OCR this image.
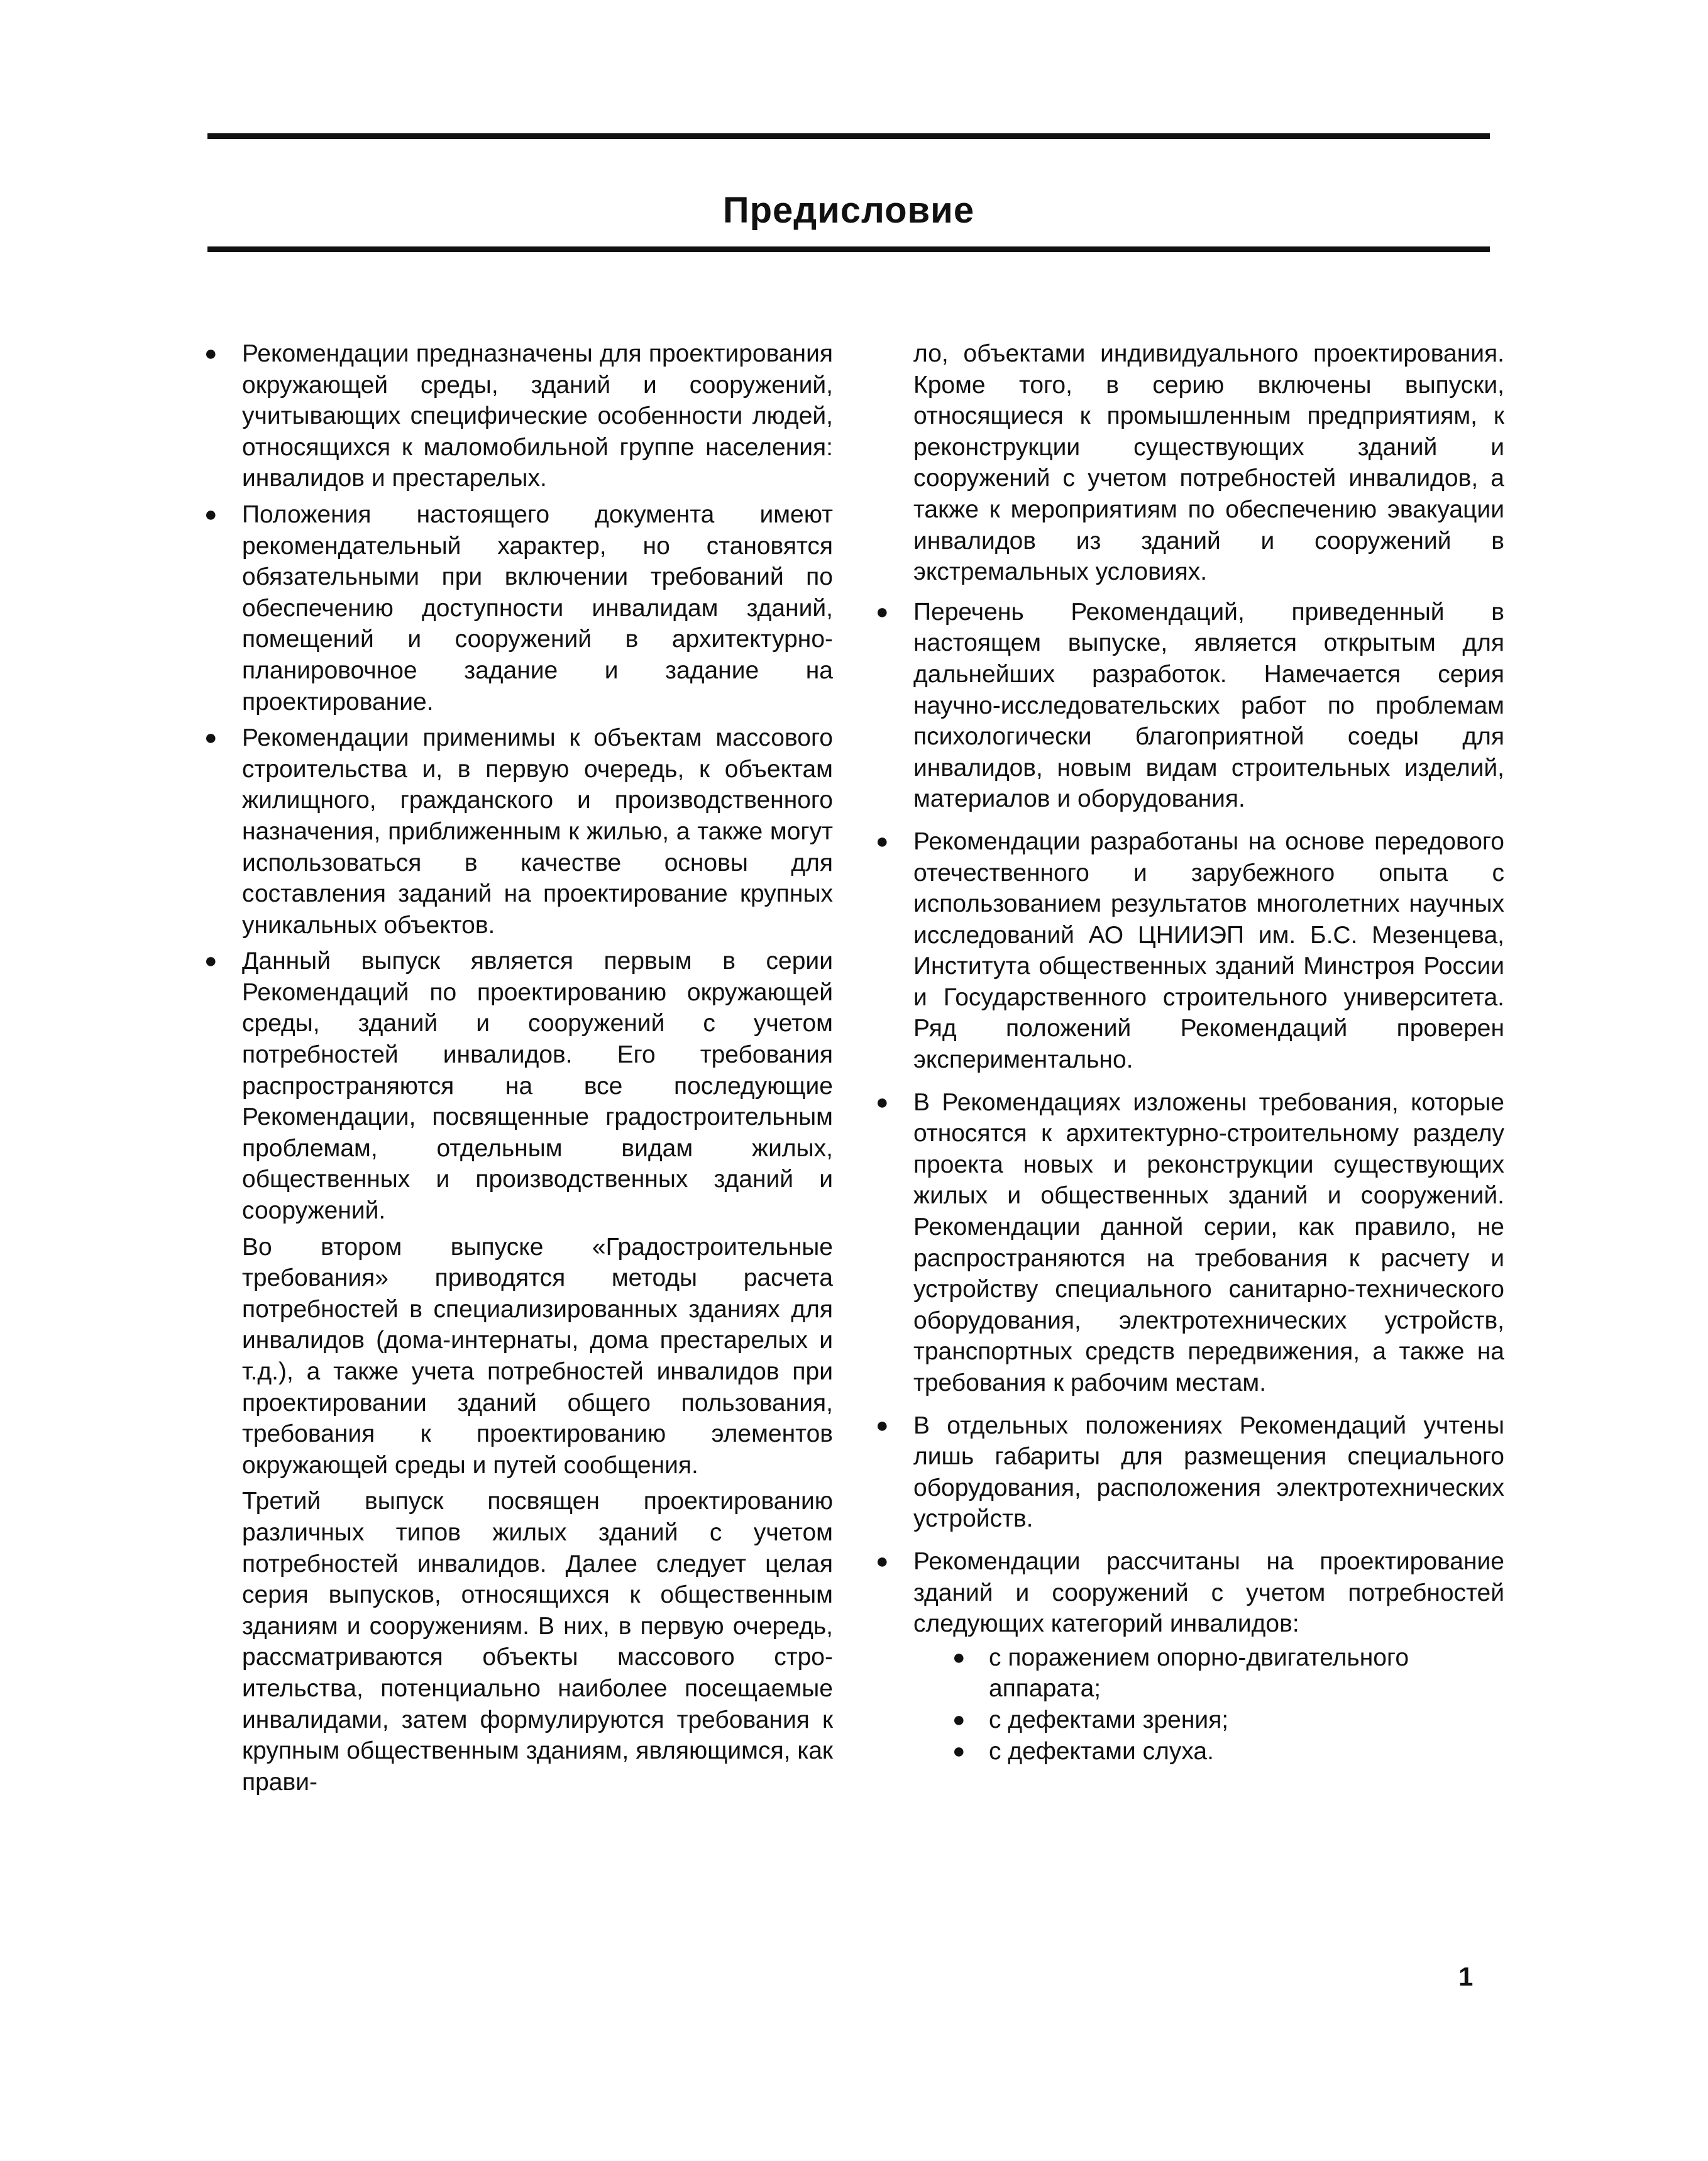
Предисловие
● Рекомендации предназначены для проектирования окружающей среды, зданий и сооружений, учитывающих специфические особенности людей, относящихся к маломобильной группе населения: инвалидов и престарелых.
● Положения настоящего документа имеют рекомендательный характер, но становятся обязательными при включении требований по обеспечению доступности инвалидам зданий, помещений и сооружений в архитектурно-планировочное задание и задание на проектирование.
● Рекомендации применимы к объектам массового строительства и, в первую очередь, к объектам жилищного, гражданского и производственного назначения, приближенным к жилью, а также могут использоваться в качестве основы для составления заданий на проектирование крупных уникальных объектов.
● Данный выпуск является первым в серии Рекомендаций по проектированию окружающей среды, зданий и сооружений с учетом потребностей инвалидов. Его требования распространяются на все последующие Рекомендации, посвященные градостроительным проблемам, отдельным видам жилых, общественных и производственных зданий и сооружений.

Во втором выпуске «Градостроительные требования» приводятся методы расчета потребностей в специализированных зданиях для инвалидов (дома-интернаты, дома престарелых и т.д.), а также учета потребностей инвалидов при проектировании зданий общего пользования, требования к проектированию элементов окружающей среды и путей сообщения.

Третий выпуск посвящен проектированию различных типов жилых зданий с учетом потребностей инвалидов. Далее следует целая серия выпусков, относящихся к общественным зданиям и сооружениям. В них, в первую очередь, рассматриваются объекты массового строительства, потенциально наиболее посещаемые инвалидами, затем формулируются требования к крупным общественным зданиям, являющимся, как прави-

ло, объектами индивидуального проектирования. Кроме того, в серию включены выпуски, относящиеся к промышленным предприятиям, к реконструкции существующих зданий и сооружений с учетом потребностей инвалидов, а также к мероприятиям по обеспечению эвакуации инвалидов из зданий и сооружений в экстремальных условиях.

● Перечень Рекомендаций, приведенный в настоящем выпуске, является открытым для дальнейших разработок. Намечается серия научно-исследовательских работ по проблемам психологически благоприятной соеды для инвалидов, новым видам строительных изделий, материалов и оборудования.
● Рекомендации разработаны на основе передового отечественного и зарубежного опыта с использованием результатов многолетних научных исследований АО ЦНИИЭП им. Б.С. Мезенцева, Института общественных зданий Минстроя России и Государственного строительного университета. Ряд положений Рекомендаций проверен экспериментально.
● В Рекомендациях изложены требования, которые относятся к архитектурно-строительному разделу проекта новых и реконструкции существующих жилых и общественных зданий и сооружений. Рекомендации данной серии, как правило, не распространяются на требования к расчету и устройству специального санитарно-технического оборудования, электротехнических устройств, транспортных средств передвижения, а также на требования к рабочим местам.
● В отдельных положениях Рекомендаций учтены лишь габариты для размещения специального оборудования, расположения электротехнических устройств.
● Рекомендации рассчитаны на проектирование зданий и сооружений с учетом потребностей следующих категорий инвалидов:
● с поражением опорно-двигательного аппарата;
● с дефектами зрения;
● с дефектами слуха.
1
